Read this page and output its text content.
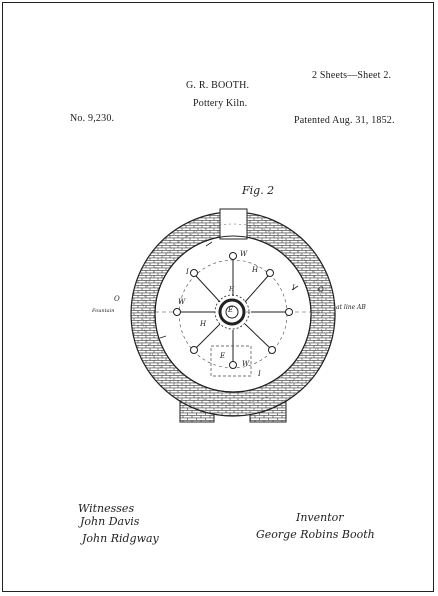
2 Sheets—Sheet 2.
G. R. BOOTH.
Pottery Kiln.
No. 9,230.	Patented Aug. 31, 1852.
Fig. 2
W
H
I
I
W
H
E
H
E
W
I
Fountain
O
at line AB
O
Witnesses
John Davis
John Ridgway
Inventor
George Robins Booth
